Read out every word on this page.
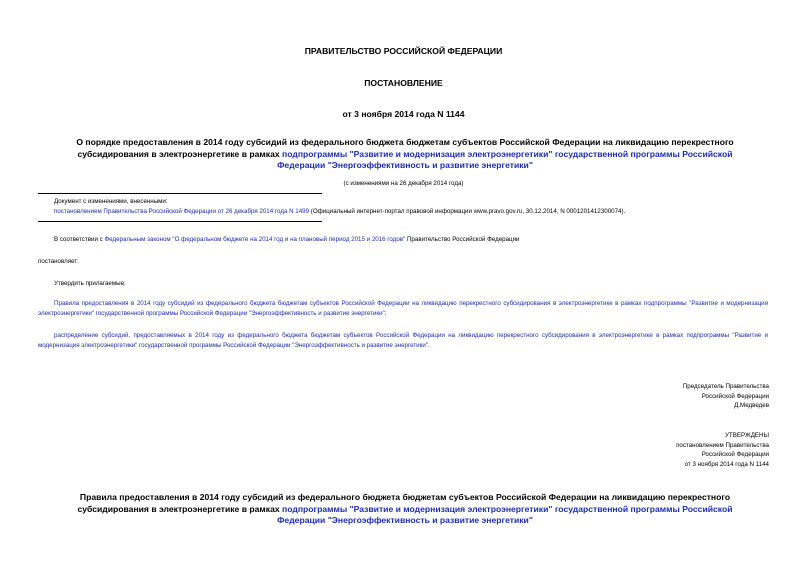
ПРАВИТЕЛЬСТВО РОССИЙСКОЙ ФЕДЕРАЦИИ
ПОСТАНОВЛЕНИЕ
от 3 ноября 2014 года N 1144
О порядке предоставления в 2014 году субсидий из федерального бюджета бюджетам субъектов Российской Федерации на ликвидацию перекрестного субсидирования в электроэнергетике в рамках подпрограммы "Развитие и модернизация электроэнергетики" государственной программы Российской Федерации "Энергоэффективность и развитие энергетики"
(с изменениями на 26 декабря 2014 года)
Документ с изменениями, внесенными:
постановлением Правительства Российской Федерации от 26 декабря 2014 года N 1499 (Официальный интернет-портал правовой информации www.pravo.gov.ru, 30.12.2014, N 0001201412300074).
В соответствии с Федеральным законом "О федеральном бюджете на 2014 год и на плановый период 2015 и 2016 годов" Правительство Российской Федерации
постановляет:
Утвердить прилагаемые:
Правила предоставления в 2014 году субсидий из федерального бюджета бюджетам субъектов Российской Федерации на ликвидацию перекрестного субсидирования в электроэнергетике в рамках подпрограммы "Развитие и модернизация электроэнергетики" государственной программы Российской Федерации "Энергоэффективность и развитие энергетики";
распределение субсидий, предоставляемых в 2014 году из федерального бюджета бюджетам субъектов Российской Федерации на ликвидацию перекрестного субсидирования в электроэнергетике в рамках подпрограммы "Развитие и модернизация электроэнергетики" государственной программы Российской Федерации "Энергоэффективность и развитие энергетики".
Председатель Правительства
Российской Федерации
Д.Медведев
УТВЕРЖДЕНЫ
постановлением Правительства
Российской Федерации
от 3 ноября 2014 года N 1144
Правила предоставления в 2014 году субсидий из федерального бюджета бюджетам субъектов Российской Федерации на ликвидацию перекрестного субсидирования в электроэнергетике в рамках подпрограммы "Развитие и модернизация электроэнергетики" государственной программы Российской Федерации "Энергоэффективность и развитие энергетики"
